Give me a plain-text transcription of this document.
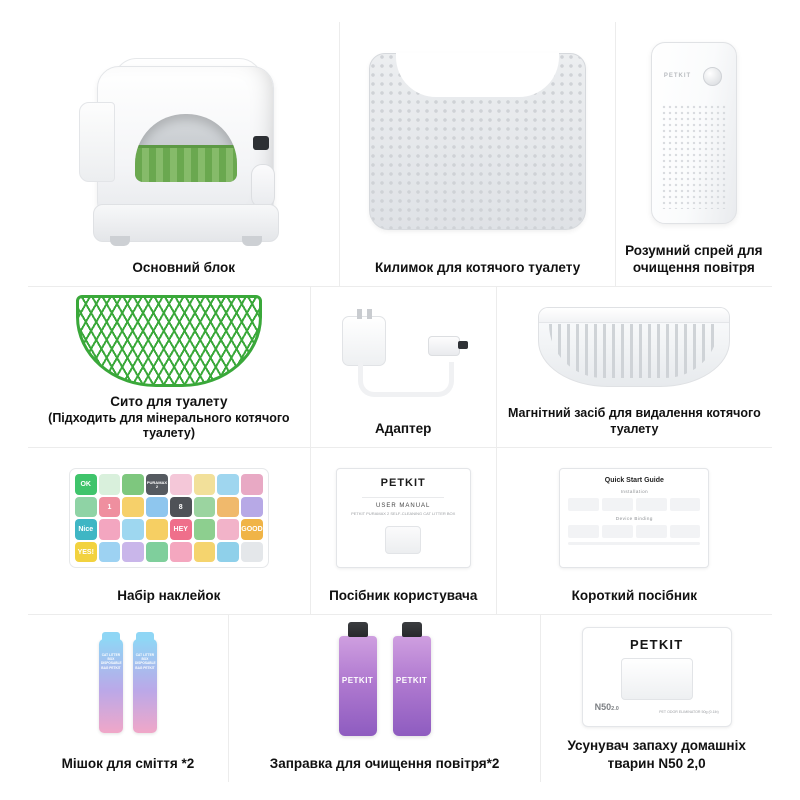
Основний блок	Килимок для котячого туалету
PETKIT
Розумний спрей для очищення повітря
Сито для туалету
(Підходить для мінерального котячого туалету)	Адаптер
Магнітний засіб для видалення котячого туалету
OK	PURAMAX 2
1	8
Nice	HEY	GOOD
YES!
Набір наклейок
PETKIT
USER MANUAL
PETKIT PURAMAX 2 SELF-CLEANING CAT LITTER BOX
Посібник користувача
Quick Start Guide
Installation
Device Binding
Короткий посібник
CAT LITTER BOX DISPOSABLE BAG PETKIT
CAT LITTER BOX DISPOSABLE BAG PETKIT
Мішок для сміття *2
PETKIT	PETKIT
Заправка для очищення повітря*2
PETKIT
$N50^{2.0}$	PET ODOR ELIMINATOR 50g (0.1lb)
Усунувач запаху домашніх тварин N50 2,0
